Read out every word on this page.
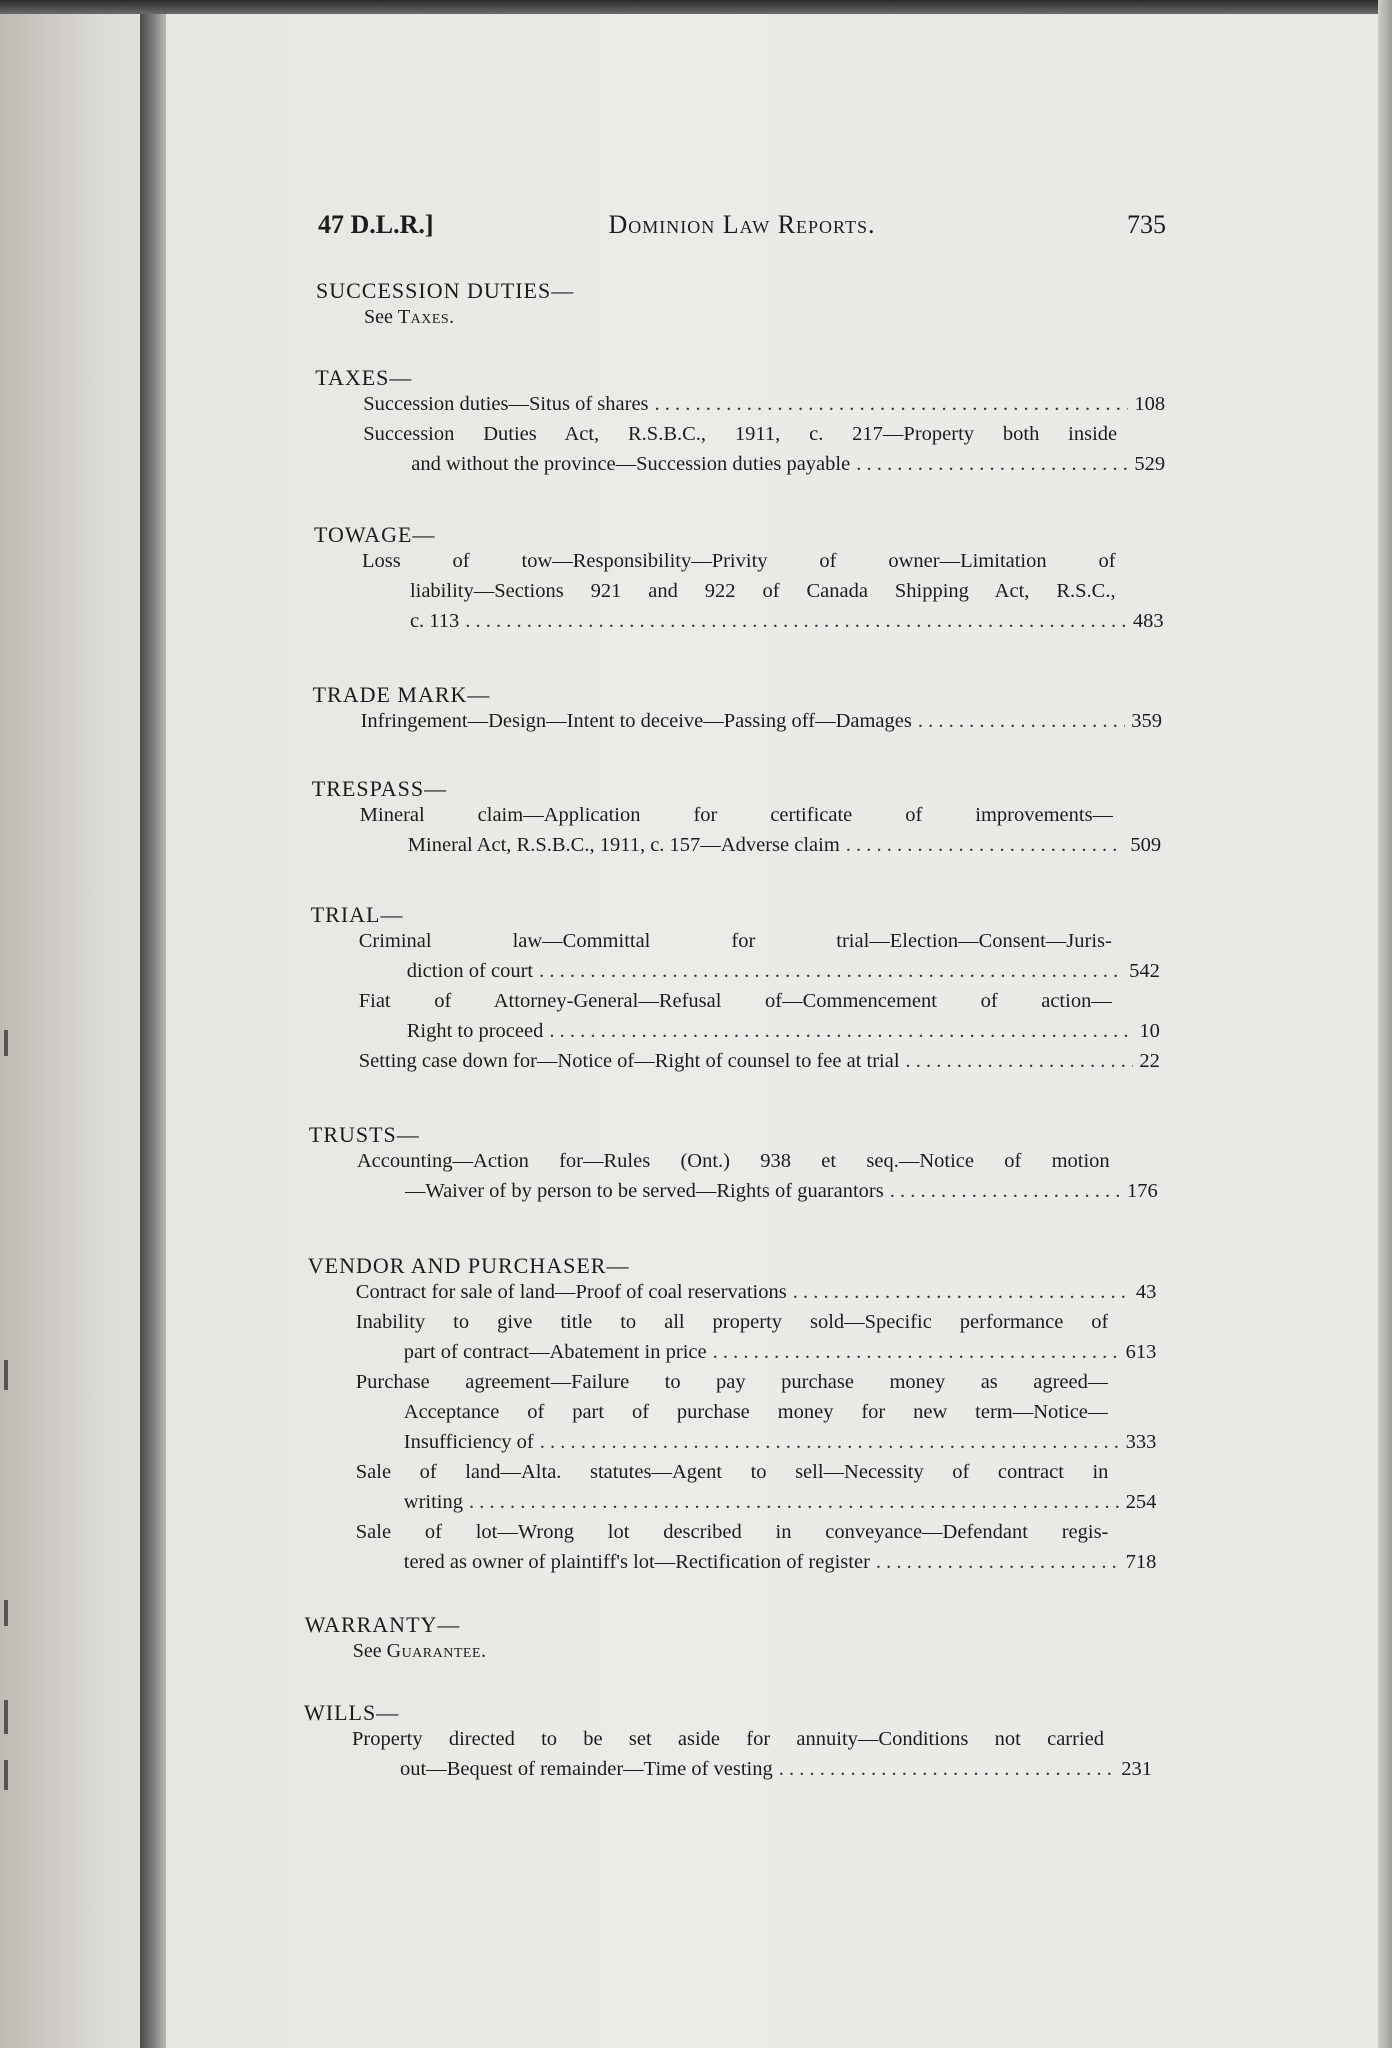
47 D.L.R.]	Dominion Law Reports.	735
SUCCESSION DUTIES—
See Taxes.
TAXES—
Succession duties—Situs of shares . . .	108
Succession Duties Act, R.S.B.C., 1911, c. 217—Property both inside
and without the province—Succession duties payable . . .	529
TOWAGE—
Loss of tow—Responsibility—Privity of owner—Limitation of
liability—Sections 921 and 922 of Canada Shipping Act, R.S.C.,
c. 113 . . .	483
TRADE MARK—
Infringement—Design—Intent to deceive—Passing off—Damages . . .	359
TRESPASS—
Mineral claim—Application for certificate of improvements—
Mineral Act, R.S.B.C., 1911, c. 157—Adverse claim . . .	509
TRIAL—
Criminal law—Committal for trial—Election—Consent—Juris-
diction of court . . .	542
Fiat of Attorney-General—Refusal of—Commencement of action—
Right to proceed . . .	10
Setting case down for—Notice of—Right of counsel to fee at trial . . .	22
TRUSTS—
Accounting—Action for—Rules (Ont.) 938 et seq.—Notice of motion
—Waiver of by person to be served—Rights of guarantors . . .	176
VENDOR AND PURCHASER—
Contract for sale of land—Proof of coal reservations . . .	43
Inability to give title to all property sold—Specific performance of
part of contract—Abatement in price . . .	613
Purchase agreement—Failure to pay purchase money as agreed—
Acceptance of part of purchase money for new term—Notice—
Insufficiency of . . .	333
Sale of land—Alta. statutes—Agent to sell—Necessity of contract in
writing . . .	254
Sale of lot—Wrong lot described in conveyance—Defendant regis-
tered as owner of plaintiff's lot—Rectification of register . . .	718
WARRANTY—
See Guarantee.
WILLS—
Property directed to be set aside for annuity—Conditions not carried
out—Bequest of remainder—Time of vesting . . .	231
